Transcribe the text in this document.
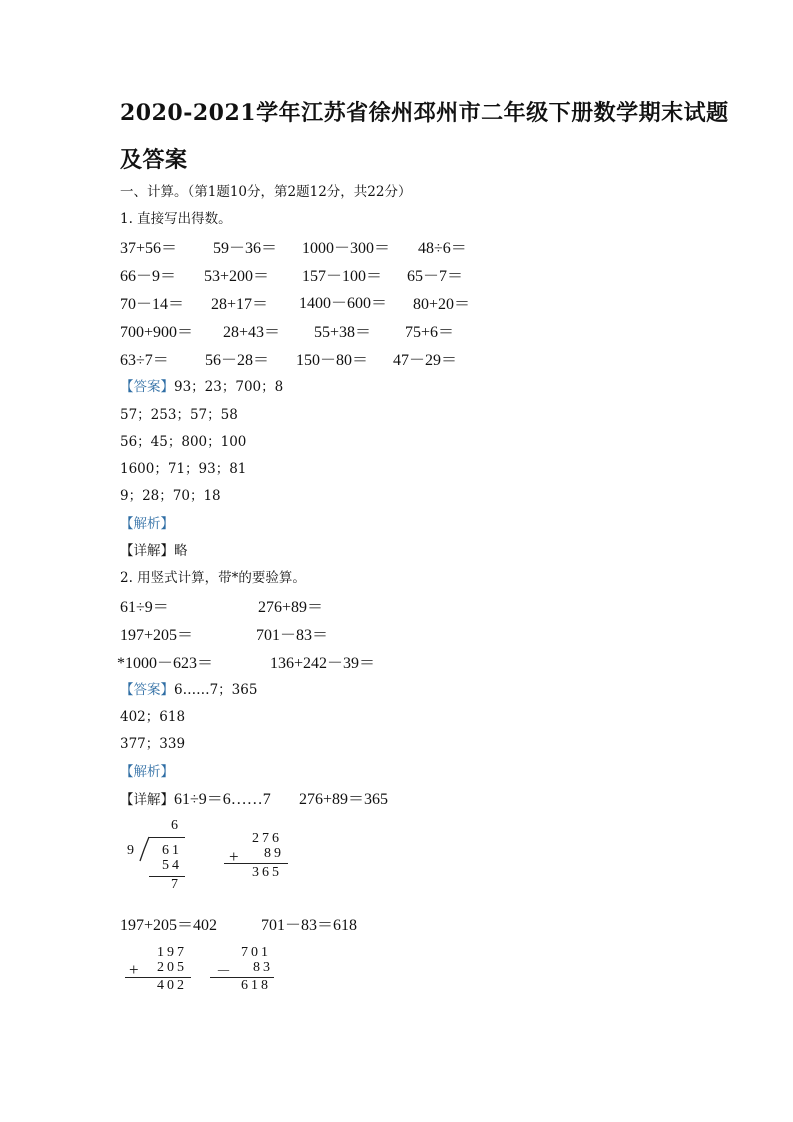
2020-2021学年江苏省徐州邳州市二年级下册数学期末试题
及答案
一、计算。（第1题10分，第2题12分，共22分）
1. 直接写出得数。
37+56＝ 59－36＝ 1000－300＝ 48÷6＝
66－9＝ 53+200＝ 157－100＝ 65－7＝
70－14＝ 28+17＝ 1400－600＝ 80+20＝
700+900＝ 28+43＝ 55+38＝ 75+6＝
63÷7＝ 56－28＝ 150－80＝ 47－29＝
【答案】93；23；700；8
57；253；57；58
56；45；800；100
1600；71；93；81
9；28；70；18
【解析】
【详解】略
2. 用竖式计算，带*的要验算。
61÷9＝	276+89＝
197+205＝	701－83＝
*1000－623＝	136+242－39＝
【答案】6……7；365
402；618
377；339
【解析】
【详解】61÷9＝6……7 276+89＝365
6
9 61
54
7
276
+ 89
365
197+205＝402	701－83＝618
197
+ 205
402
701
－ 83
618
